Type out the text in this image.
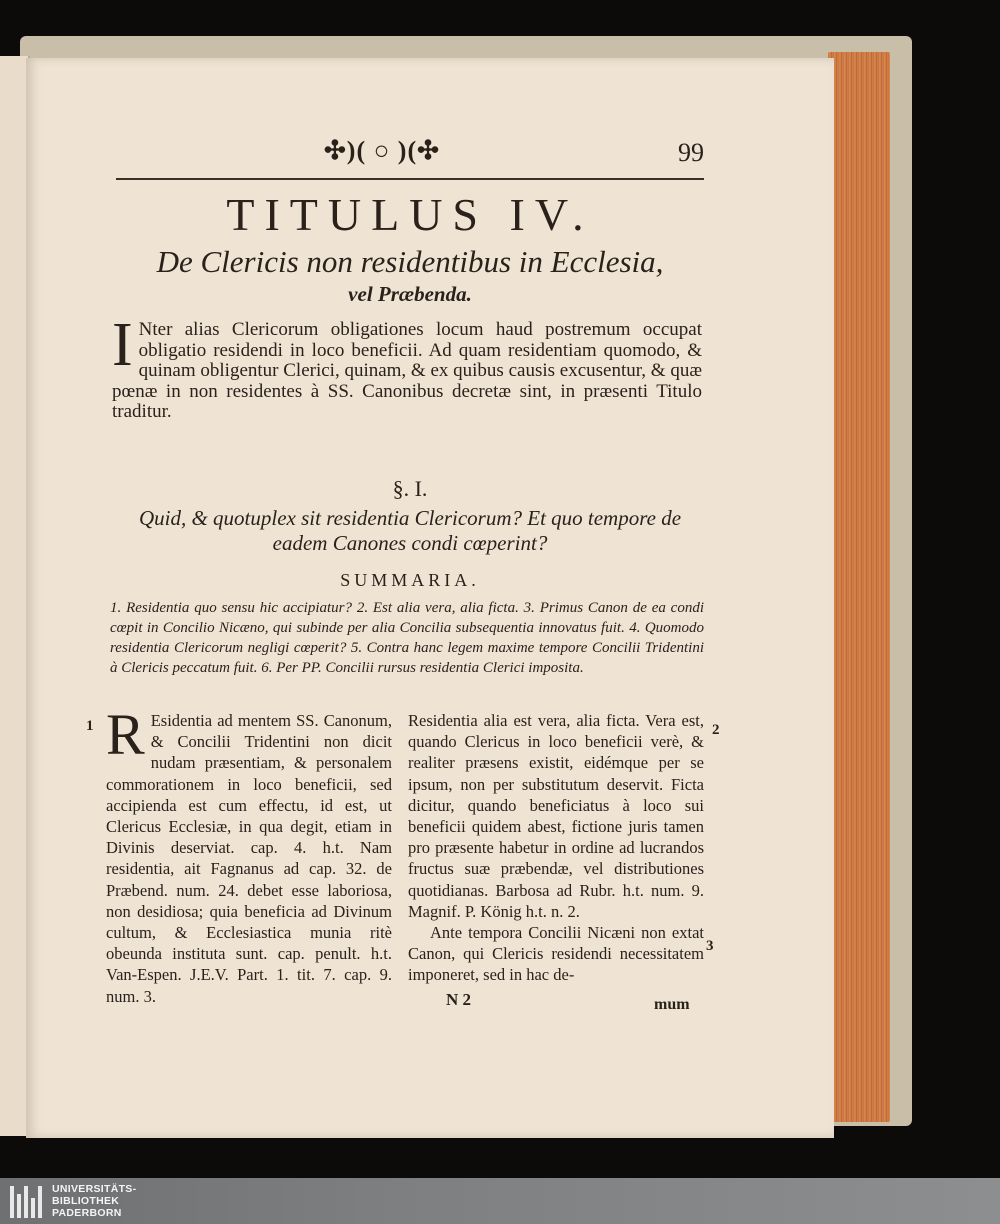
✣)( ○ )(✣	99
TITULUS IV.
De Clericis non residentibus in Ecclesia,
vel Præbenda.
I Nter alias Clericorum obligationes locum haud postremum occupat obligatio residendi in loco beneficii. Ad quam residentiam quomodo, & quinam obligentur Clerici, quinam, & ex quibus causis excusentur, & quæ pœnæ in non residentes à SS. Canonibus decretæ sint, in præsenti Titulo traditur.
§. I.
Quid, & quotuplex sit residentia Clericorum? Et quo tempore de eadem Canones condi cœperint?
SUMMARIA.
1. Residentia quo sensu hic accipiatur? 2. Est alia vera, alia ficta. 3. Primus Canon de ea condi cœpit in Concilio Nicæno, qui subinde per alia Concilia subsequentia innovatus fuit. 4. Quomodo residentia Clericorum negligi cœperit? 5. Contra hanc legem maxime tempore Concilii Tridentini à Clericis peccatum fuit. 6. Per PP. Concilii rursus residentia Clerici imposita.
1	2
3
R Esidentia ad mentem SS. Canonum, & Concilii Tridentini non dicit nudam præsentiam, & personalem commorationem in loco beneficii, sed accipienda est cum effectu, id est, ut Clericus Ecclesiæ, in qua degit, etiam in Divinis deserviat. cap. 4. h.t. Nam residentia, ait Fagnanus ad cap. 32. de Præbend. num. 24. debet esse laboriosa, non desidiosa; quia beneficia ad Divinum cultum, & Ecclesiastica munia ritè obeunda instituta sunt. cap. penult. h.t. Van-Espen. J.E.V. Part. 1. tit. 7. cap. 9. num. 3.
Residentia alia est vera, alia ficta. Vera est, quando Clericus in loco beneficii verè, & realiter præsens existit, eidémque per se ipsum, non per substitutum deservit. Ficta dicitur, quando beneficiatus à loco sui beneficii quidem abest, fictione juris tamen pro præsente habetur in ordine ad lucrandos fructus suæ præbendæ, vel distributiones quotidianas. Barbosa ad Rubr. h.t. num. 9. Magnif. P. König h.t. n. 2.
Ante tempora Concilii Nicæni non extat Canon, qui Clericis residendi necessitatem imponeret, sed in hac de-
N 2	mum
UNIVERSITÄTS-
BIBLIOTHEK
PADERBORN
